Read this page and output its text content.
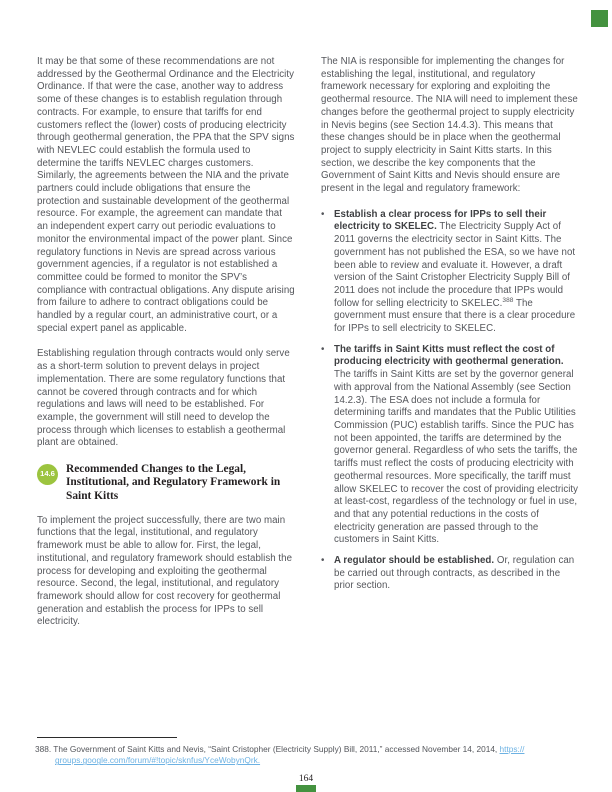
It may be that some of these recommendations are not addressed by the Geothermal Ordinance and the Electricity Ordinance. If that were the case, another way to address some of these changes is to establish regulation through contracts. For example, to ensure that tariffs for end customers reflect the (lower) costs of producing electricity through geothermal generation, the PPA that the SPV signs with NEVLEC could establish the formula used to determine the tariffs NEVLEC charges customers. Similarly, the agreements between the NIA and the private partners could include obligations that ensure the protection and sustainable development of the geothermal resource. For example, the agreement can mandate that an independent expert carry out periodic evaluations to monitor the environmental impact of the power plant. Since regulatory functions in Nevis are spread across various government agencies, if a regulator is not established a committee could be formed to monitor the SPV’s compliance with contractual obligations. Any dispute arising from failure to adhere to contract obligations could be handled by a regular court, an administrative court, or a special expert panel as applicable.

Establishing regulation through contracts would only serve as a short-term solution to prevent delays in project implementation. There are some regulatory functions that cannot be covered through contracts and for which regulations and laws will need to be established. For example, the government will still need to develop the process through which licenses to establish a geothermal plant are obtained.

14.6 Recommended Changes to the Legal, Institutional, and Regulatory Framework in Saint Kitts

To implement the project successfully, there are two main functions that the legal, institutional, and regulatory framework must be able to allow for. First, the legal, institutional, and regulatory framework should establish the process for developing and exploiting the geothermal resource. Second, the legal, institutional, and regulatory framework should allow for cost recovery for geothermal generation and establish the process for IPPs to sell electricity.

The NIA is responsible for implementing the changes for establishing the legal, institutional, and regulatory framework necessary for exploring and exploiting the geothermal resource. The NIA will need to implement these changes before the geothermal project to supply electricity in Nevis begins (see Section 14.4.3). This means that these changes should be in place when the geothermal project to supply electricity in Saint Kitts starts. In this section, we describe the key components that the Government of Saint Kitts and Nevis should ensure are present in the legal and regulatory framework:

• Establish a clear process for IPPs to sell their electricity to SKELEC. The Electricity Supply Act of 2011 governs the electricity sector in Saint Kitts. The government has not published the ESA, so we have not been able to review and evaluate it. However, a draft version of the Saint Cristopher Electricity Supply Bill of 2011 does not include the procedure that IPPs would follow for selling electricity to SKELEC.$^{388}$ The government must ensure that there is a clear procedure for IPPs to sell electricity to SKELEC.
• The tariffs in Saint Kitts must reflect the cost of producing electricity with geothermal generation. The tariffs in Saint Kitts are set by the governor general with approval from the National Assembly (see Section 14.2.3). The ESA does not include a formula for determining tariffs and mandates that the Public Utilities Commission (PUC) establish tariffs. Since the PUC has not been appointed, the tariffs are determined by the governor general. Regardless of who sets the tariffs, the tariffs must reflect the costs of producing electricity with geothermal resources. More specifically, the tariff must allow SKELEC to recover the cost of providing electricity at least-cost, regardless of the technology or fuel in use, and that any potential reductions in the costs of electricity generation are passed through to the customers in Saint Kitts.
• A regulator should be established. Or, regulation can be carried out through contracts, as described in the prior section.
388. The Government of Saint Kitts and Nevis, “Saint Cristopher (Electricity Supply) Bill, 2011,” accessed November 14, 2014, https://
groups.google.com/forum/#!topic/sknfus/YceWobynQrk.
164
